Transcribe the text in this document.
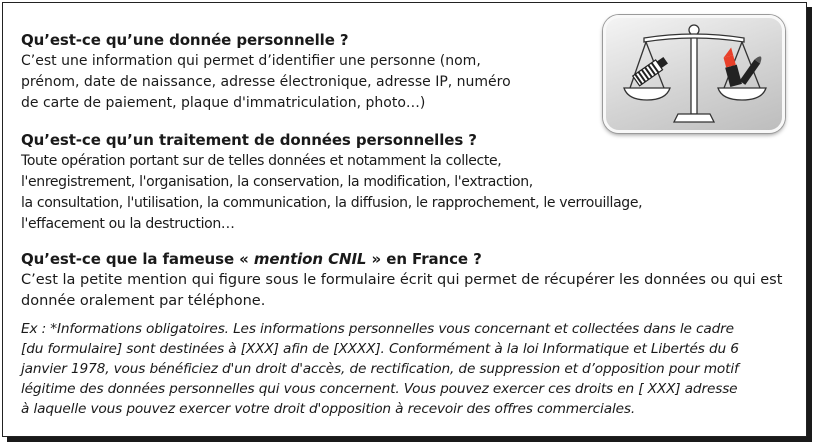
Qu’est-ce qu’une donnée personnelle ?

C’est une information qui permet d’identifier une personne (nom,

prénom, date de naissance, adresse électronique, adresse IP, numéro

de carte de paiement, plaque d'immatriculation, photo…)

Qu’est-ce qu’un traitement de données personnelles ?

Toute opération portant sur de telles données et notamment la collecte,

l'enregistrement, l'organisation, la conservation, la modification, l'extraction,

la consultation, l'utilisation, la communication, la diffusion, le rapprochement, le verrouillage,

l'effacement ou la destruction…

Qu’est-ce que la fameuse « mention CNIL » en France ?

C’est la petite mention qui figure sous le formulaire écrit qui permet de récupérer les données ou qui est

donnée oralement par téléphone.

Ex : *Informations obligatoires. Les informations personnelles vous concernant et collectées dans le cadre
[du formulaire] sont destinées à [XXX] afin de [XXXX]. Conformément à la loi Informatique et Libertés du 6
janvier 1978, vous bénéficiez d'un droit d'accès, de rectification, de suppression et d’opposition pour motif
légitime des données personnelles qui vous concernent. Vous pouvez exercer ces droits en [ XXX] adresse
à laquelle vous pouvez exercer votre droit d'opposition à recevoir des offres commerciales.
